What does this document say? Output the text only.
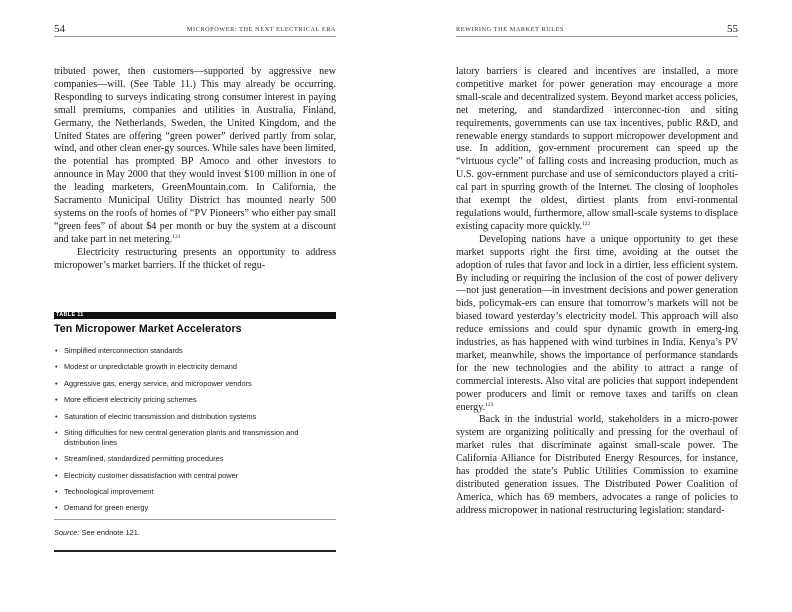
54	MICROPOWER: THE NEXT ELECTRICAL ERA

tributed power, then customers—supported by aggressive new companies—will. (See Table 11.) This may already be occurring. Responding to surveys indicating strong consumer interest in paying small premiums, companies and utilities in Australia, Finland, Germany, the Netherlands, Sweden, the United Kingdom, and the United States are offering “green power” derived partly from solar, wind, and other clean ener-gy sources. While sales have been limited, the potential has prompted BP Amoco and other investors to announce in May 2000 that they would invest $100 million in one of the leading marketers, GreenMountain.com. In California, the Sacramento Municipal Utility District has mounted nearly 500 systems on the roofs of homes of “PV Pioneers” who either pay small “green fees” of about $4 per month or buy the system at a discount and take part in net metering.$^{121}$

Electricity restructuring presents an opportunity to address micropower’s market barriers. If the thicket of regu-

TABLE 11
Ten Micropower Market Accelerators
• Simplified interconnection standards
• Modest or unpredictable growth in electricity demand
• Aggressive gas, energy service, and micropower vendors
• More efficient electricity pricing schemes
• Saturation of electric transmission and distribution systems
• Siting difficulties for new central generation plants and transmission and distribution lines
• Streamlined, standardized permitting procedures
• Electricity customer dissatisfaction with central power
• Technological improvement
• Demand for green energy
Source: See endnote 121.
REWIRING THE MARKET RULES	55

latory barriers is cleared and incentives are installed, a more competitive market for power generation may encourage a more small-scale and decentralized system. Beyond market access policies, net metering, and standardized interconnec-tion and siting requirements, governments can use tax incentives, public R&D, and renewable energy standards to support micropower development and use. In addition, gov-ernment procurement can speed up the “virtuous cycle” of falling costs and increasing production, much as U.S. gov-ernment purchase and use of semiconductors played a criti-cal part in spurring growth of the Internet. The closing of loopholes that exempt the oldest, dirtiest plants from envi-ronmental regulations would, furthermore, allow small-scale systems to displace existing capacity more quickly.$^{122}$

Developing nations have a unique opportunity to get these market supports right the first time, avoiding at the outset the adoption of rules that favor and lock in a dirtier, less efficient system. By including or requiring the inclusion of the cost of power delivery—not just generation—in investment decisions and power generation bids, policymak-ers can ensure that tomorrow’s markets will not be biased toward yesterday’s electricity model. This approach will also reduce emissions and could spur dynamic growth in emerg-ing industries, as has happened with wind turbines in India. Kenya’s PV market, meanwhile, shows the importance of performance standards for the new technologies and the ability to attract a range of commercial interests. Also vital are policies that support independent power producers and limit or remove taxes and tariffs on clean energy.$^{123}$

Back in the industrial world, stakeholders in a micro-power system are organizing politically and pressing for the overhaul of market rules that discriminate against small-scale power. The California Alliance for Distributed Energy Resources, for instance, has prodded the state’s Public Utilities Commission to examine distributed generation issues. The Distributed Power Coalition of America, which has 69 members, advocates a range of policies to address micropower in national restructuring legislation: standard-
